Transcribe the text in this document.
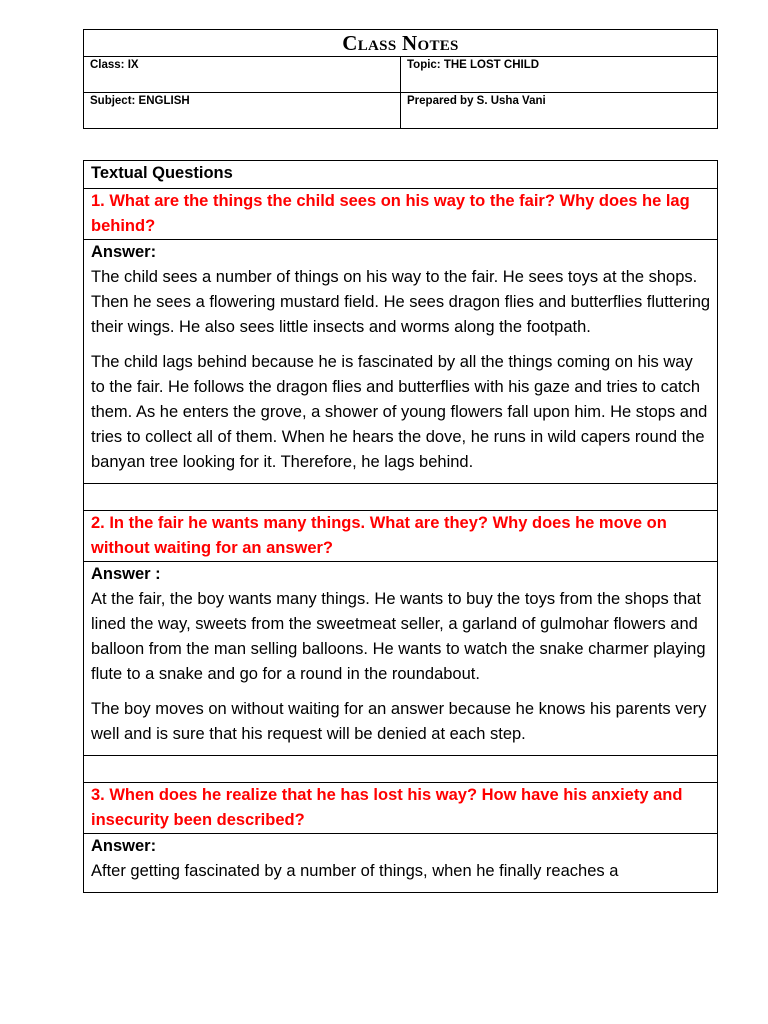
Class Notes	
Class: IX	Topic: THE LOST CHILD
Subject: ENGLISH	Prepared by S. Usha Vani
Textual Questions
1. What are the things the child sees on his way to the fair? Why does he lag behind?

Answer:

The child sees a number of things on his way to the fair. He sees toys at the shops. Then he sees a flowering mustard field. He sees dragon flies and butterflies fluttering their wings. He also sees little insects and worms along the footpath.

The child lags behind because he is fascinated by all the things coming on his way to the fair. He follows the dragon flies and butterflies with his gaze and tries to catch them. As he enters the grove, a shower of young flowers fall upon him. He stops and tries to collect all of them. When he hears the dove, he runs in wild capers round the banyan tree looking for it. Therefore, he lags behind.

2. In the fair he wants many things. What are they? Why does he move on without waiting for an answer?

Answer :

At the fair, the boy wants many things. He wants to buy the toys from the shops that lined the way, sweets from the sweetmeat seller, a garland of gulmohar flowers and balloon from the man selling balloons. He wants to watch the snake charmer playing flute to a snake and go for a round in the roundabout.

The boy moves on without waiting for an answer because he knows his parents very well and is sure that his request will be denied at each step.

3. When does he realize that he has lost his way? How have his anxiety and insecurity been described?

Answer:

After getting fascinated by a number of things, when he finally reaches a
